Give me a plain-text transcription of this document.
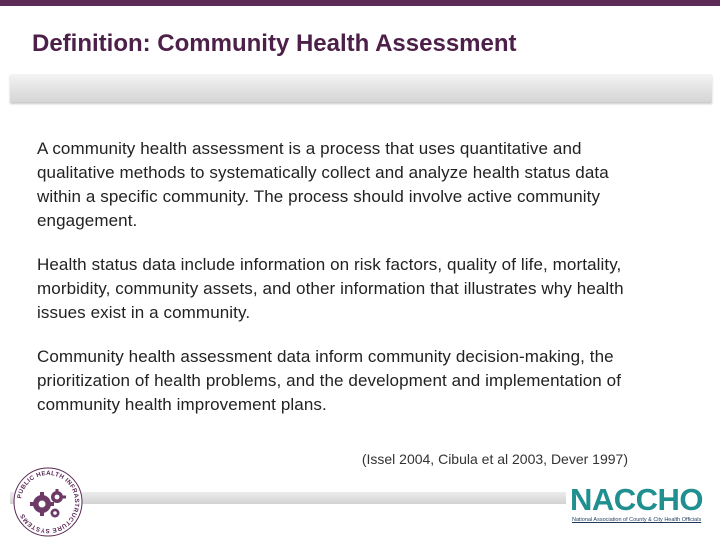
Definition: Community Health Assessment

A community health assessment is a process that uses quantitative and qualitative methods to systematically collect and analyze health status data within a specific community. The process should involve active community engagement.

Health status data include information on risk factors, quality of life, mortality, morbidity, community assets, and other information that illustrates why health issues exist in a community.

Community health assessment data inform community decision-making, the prioritization of health problems, and the development and implementation of community health improvement plans.

(Issel 2004, Cibula et al 2003, Dever 1997)
PUBLIC HEALTH INFRASTRUCTURE SYSTEMS	NACCHO
National Association of County & City Health Officials
